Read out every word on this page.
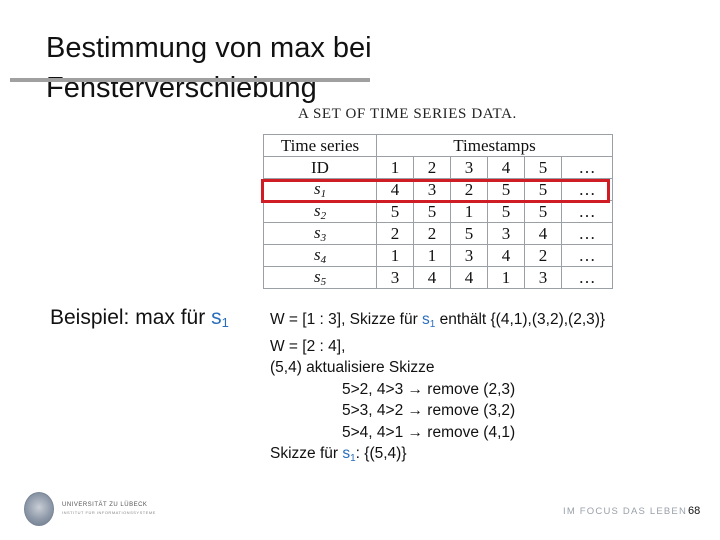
Bestimmung von max bei
Fensterverschiebung
A SET OF TIME SERIES DATA.
Time series	Timestamps					
ID	1	2	3	4	5	…
$s_1$	4	3	2	5	5	…
$s_2$	5	5	1	5	5	…
$s_3$	2	2	5	3	4	…
$s_4$	1	1	3	4	2	…
$s_5$	3	4	4	1	3	…
Beispiel: max für s1	W = [1 : 3], Skizze für s1 enthält {(4,1),(3,2),(2,3)}
W = [2 : 4],
(5,4) aktualisiere Skizze
5>2, 4>3 → remove (2,3)
5>3, 4>2 → remove (3,2)
5>4, 4>1 → remove (4,1)
Skizze für s1: {(5,4)}
UNIVERSITÄT ZU LÜBECK
INSTITUT FÜR INFORMATIONSSYSTEME	IM FOCUS DAS LEBEN 68
